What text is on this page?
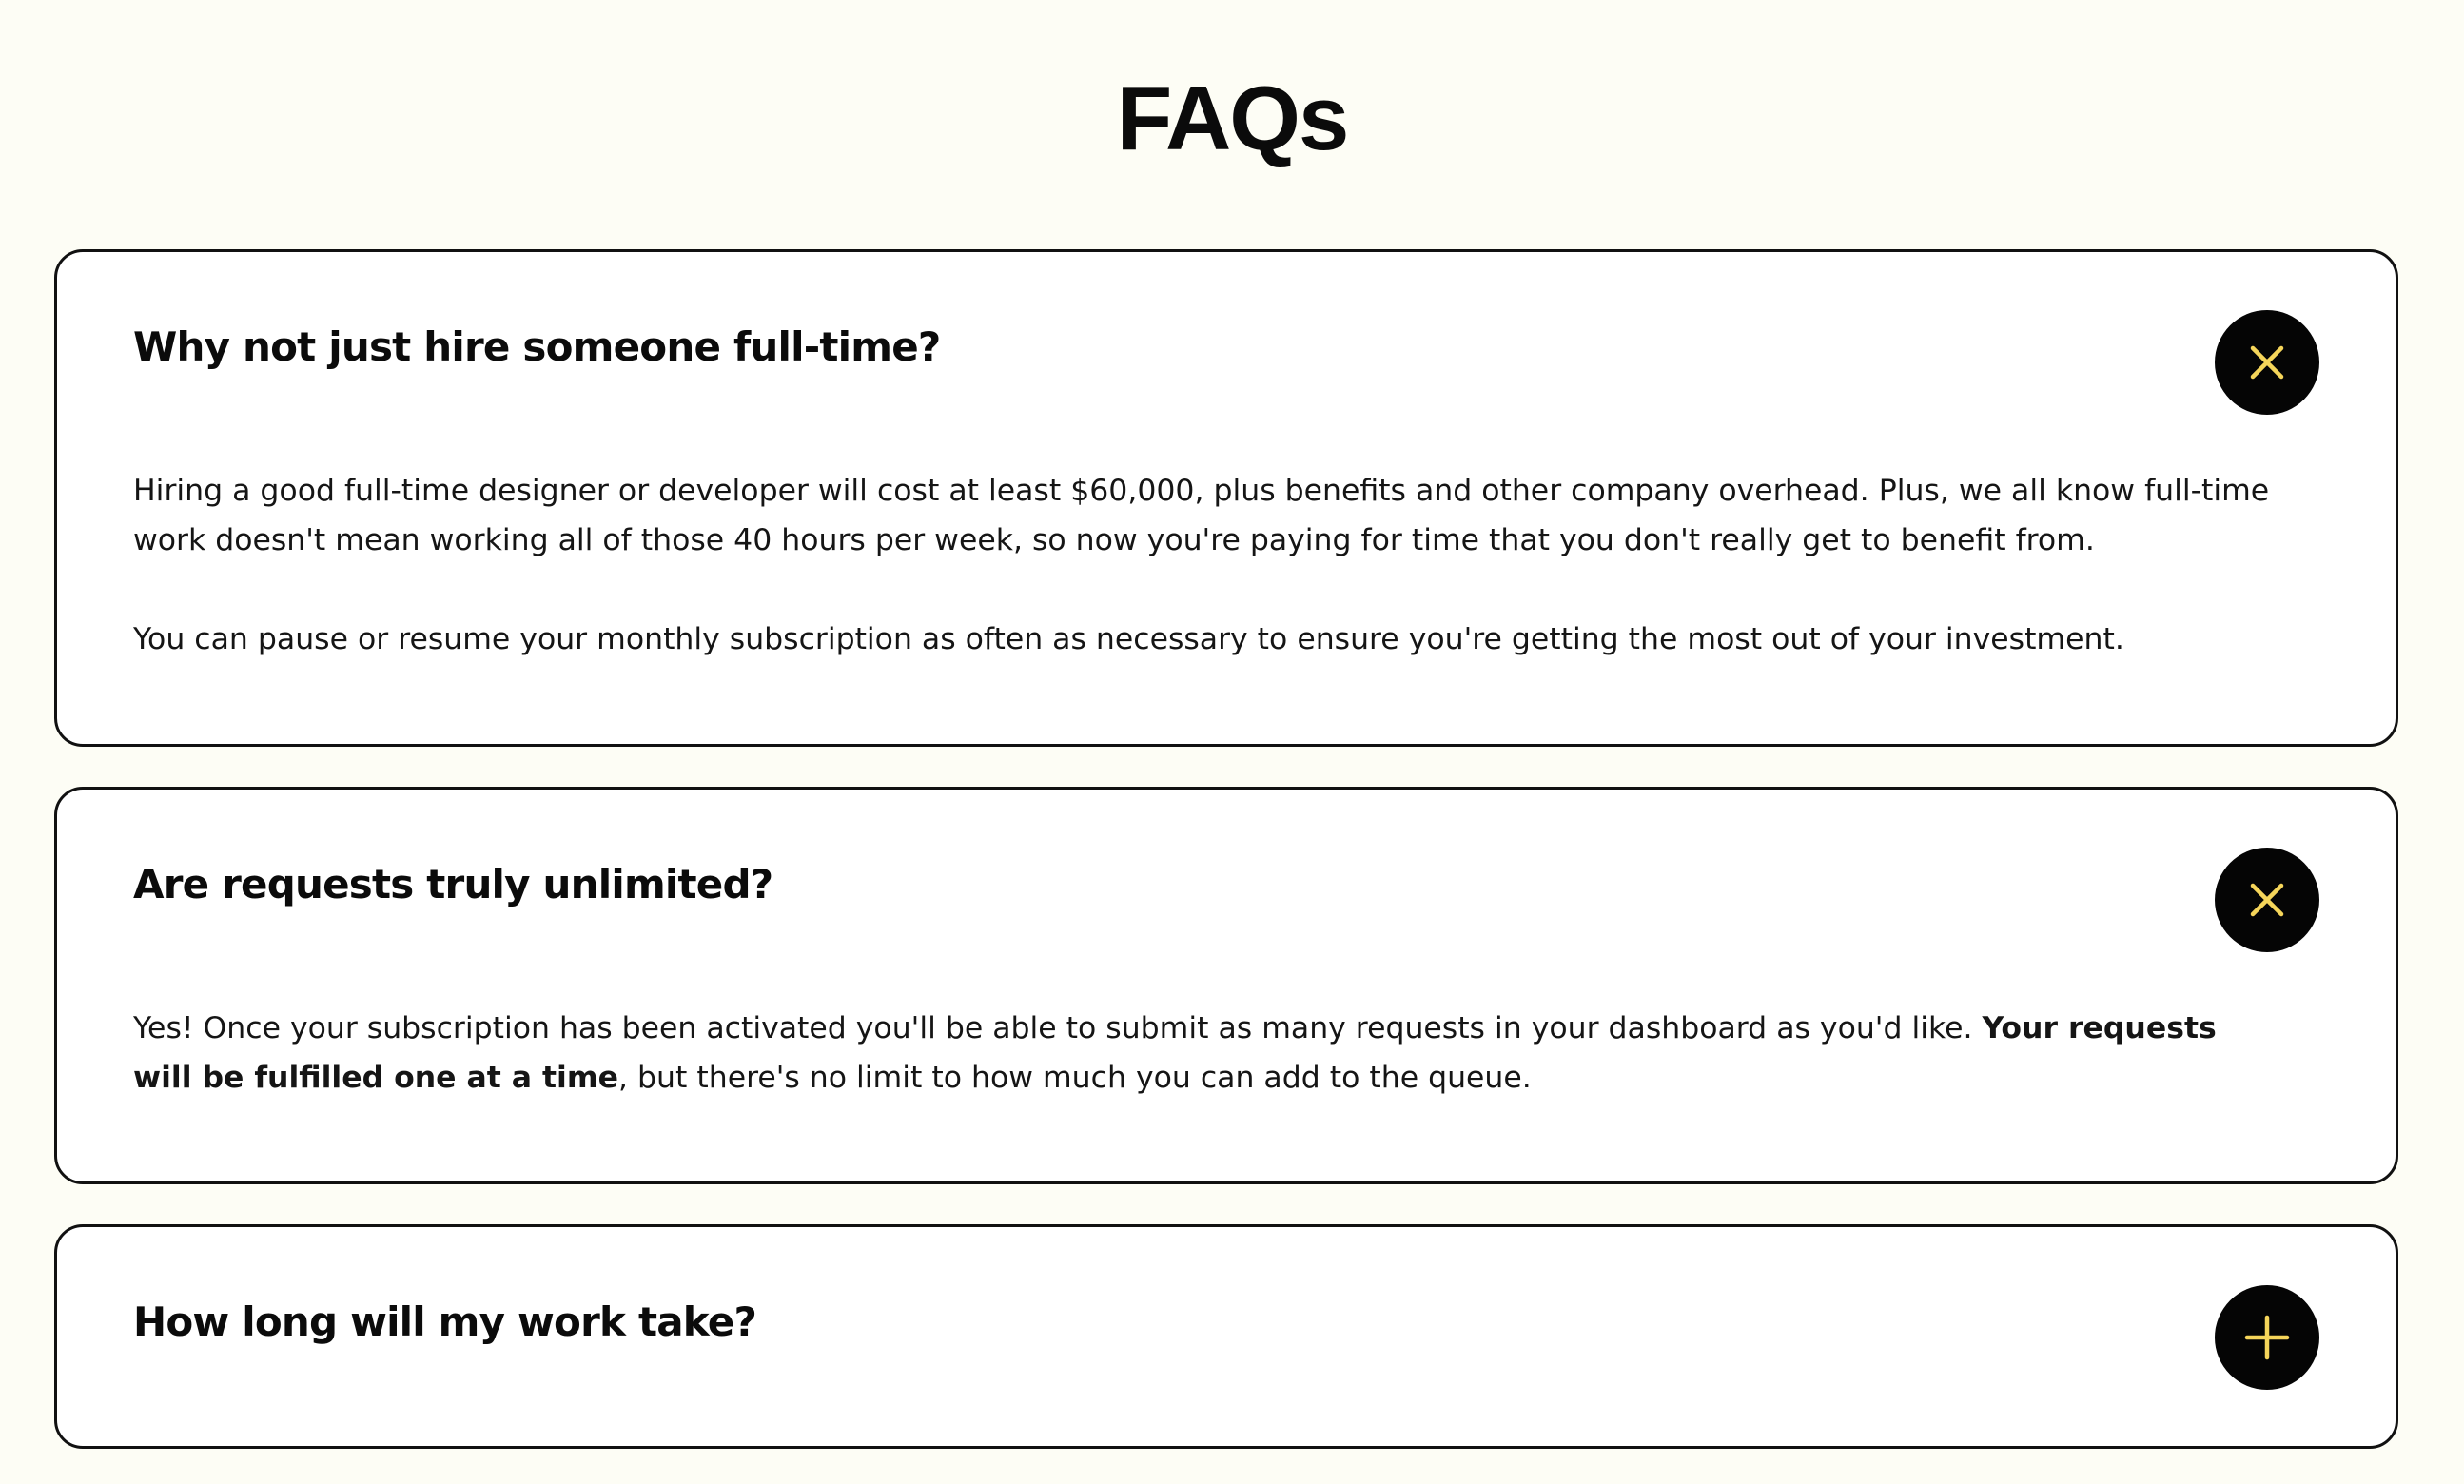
FAQs
Why not just hire someone full-time?

Hiring a good full-time designer or developer will cost at least $60,000, plus benefits and other company overhead. Plus, we all know full-time work doesn't mean working all of those 40 hours per week, so now you're paying for time that you don't really get to benefit from.

You can pause or resume your monthly subscription as often as necessary to ensure you're getting the most out of your investment.

Are requests truly unlimited?

Yes! Once your subscription has been activated you'll be able to submit as many requests in your dashboard as you'd like. Your requests will be fulfilled one at a time, but there's no limit to how much you can add to the queue.

How long will my work take?
